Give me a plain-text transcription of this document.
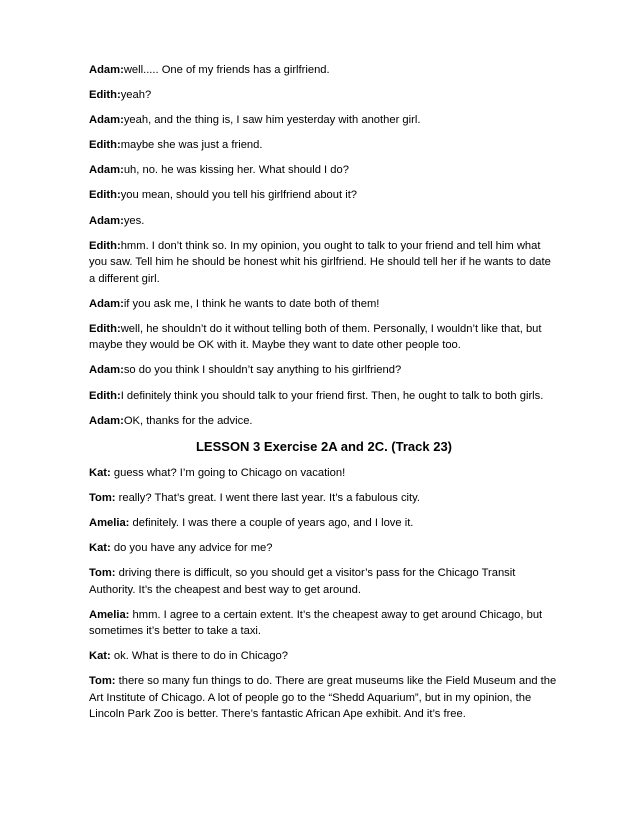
Adam:well..... One of my friends has a girlfriend.

Edith:yeah?

Adam:yeah, and the thing is, I saw him yesterday with another girl.

Edith:maybe she was just a friend.

Adam:uh, no. he was kissing her. What should I do?

Edith:you mean, should you tell his girlfriend about it?

Adam:yes.

Edith:hmm. I don’t think so. In my opinion, you ought to talk to your friend and tell him what you saw. Tell him he should be honest whit his girlfriend. He should tell her if he wants to date a different girl.

Adam:if you ask me, I think he wants to date both of them!

Edith:well, he shouldn’t do it without telling both of them. Personally, I wouldn’t like that, but maybe they would be OK with it. Maybe they want to date other people too.

Adam:so do you think I shouldn’t say anything to his girlfriend?

Edith:I definitely think you should talk to your friend first. Then, he ought to talk to both girls.

Adam:OK, thanks for the advice.

LESSON 3 Exercise 2A and 2C. (Track 23)

Kat: guess what? I’m going to Chicago on vacation!

Tom: really? That’s great. I went there last year. It’s a fabulous city.

Amelia: definitely. I was there a couple of years ago, and I love it.

Kat: do you have any advice for me?

Tom: driving there is difficult, so you should get a visitor’s pass for the Chicago Transit Authority. It’s the cheapest and best way to get around.

Amelia: hmm. I agree to a certain extent. It’s the cheapest away to get around Chicago, but sometimes it’s better to take a taxi.

Kat: ok. What is there to do in Chicago?

Tom: there so many fun things to do. There are great museums like the Field Museum and the Art Institute of Chicago. A lot of people go to the “Shedd Aquarium”, but in my opinion, the Lincoln Park Zoo is better. There’s fantastic African Ape exhibit. And it’s free.
